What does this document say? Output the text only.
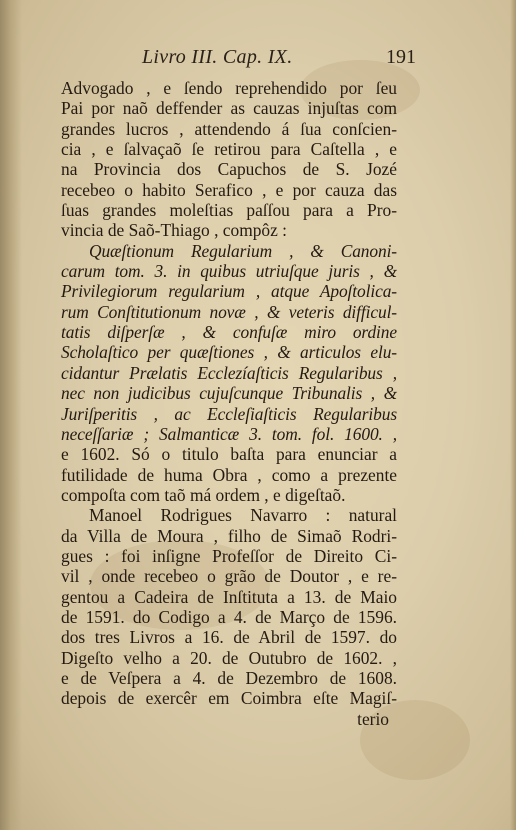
Livro III. Cap. IX.	191
Advogado , e ſendo reprehendido por ſeu
Pai por naõ deffender as cauzas injuſtas com
grandes lucros , attendendo á ſua conſcien-
cia , e ſalvaçaõ ſe retirou para Caſtella , e
na Provincia dos Capuchos de S. Jozé
recebeo o habito Serafico , e por cauza das
ſuas grandes moleſtias paſſou para a Pro-
vincia de Saõ-Thiago , compôz :
Quæſtionum Regularium , & Canoni-
carum tom. 3. in quibus utriuſque juris , &
Privilegiorum regularium , atque Apoſtolica-
rum Conſtitutionum novæ , & veteris difficul-
tatis diſperſæ , & confuſæ miro ordine
Scholaſtico per quæſtiones , & articulos elu-
cidantur Prælatis Ecclezíaſticis Regularibus ,
nec non judicibus cujuſcunque Tribunalis , &
Juriſperitis , ac Eccleſiaſticis Regularibus
neceſſariæ ; Salmanticæ 3. tom. fol. 1600. ,
e 1602. Só o titulo baſta para enunciar a
futilidade de huma Obra , como a prezente
compoſta com taõ má ordem , e digeſtaõ.
Manoel Rodrigues Navarro : natural
da Villa de Moura , filho de Simaõ Rodri-
gues : foi inſigne Profeſſor de Direito Ci-
vil , onde recebeo o grão de Doutor , e re-
gentou a Cadeira de Inſtituta a 13. de Maio
de 1591. do Codigo a 4. de Março de 1596.
dos tres Livros a 16. de Abril de 1597. do
Digeſto velho a 20. de Outubro de 1602. ,
e de Veſpera a 4. de Dezembro de 1608.
depois de exercêr em Coimbra eſte Magiſ-
terio
